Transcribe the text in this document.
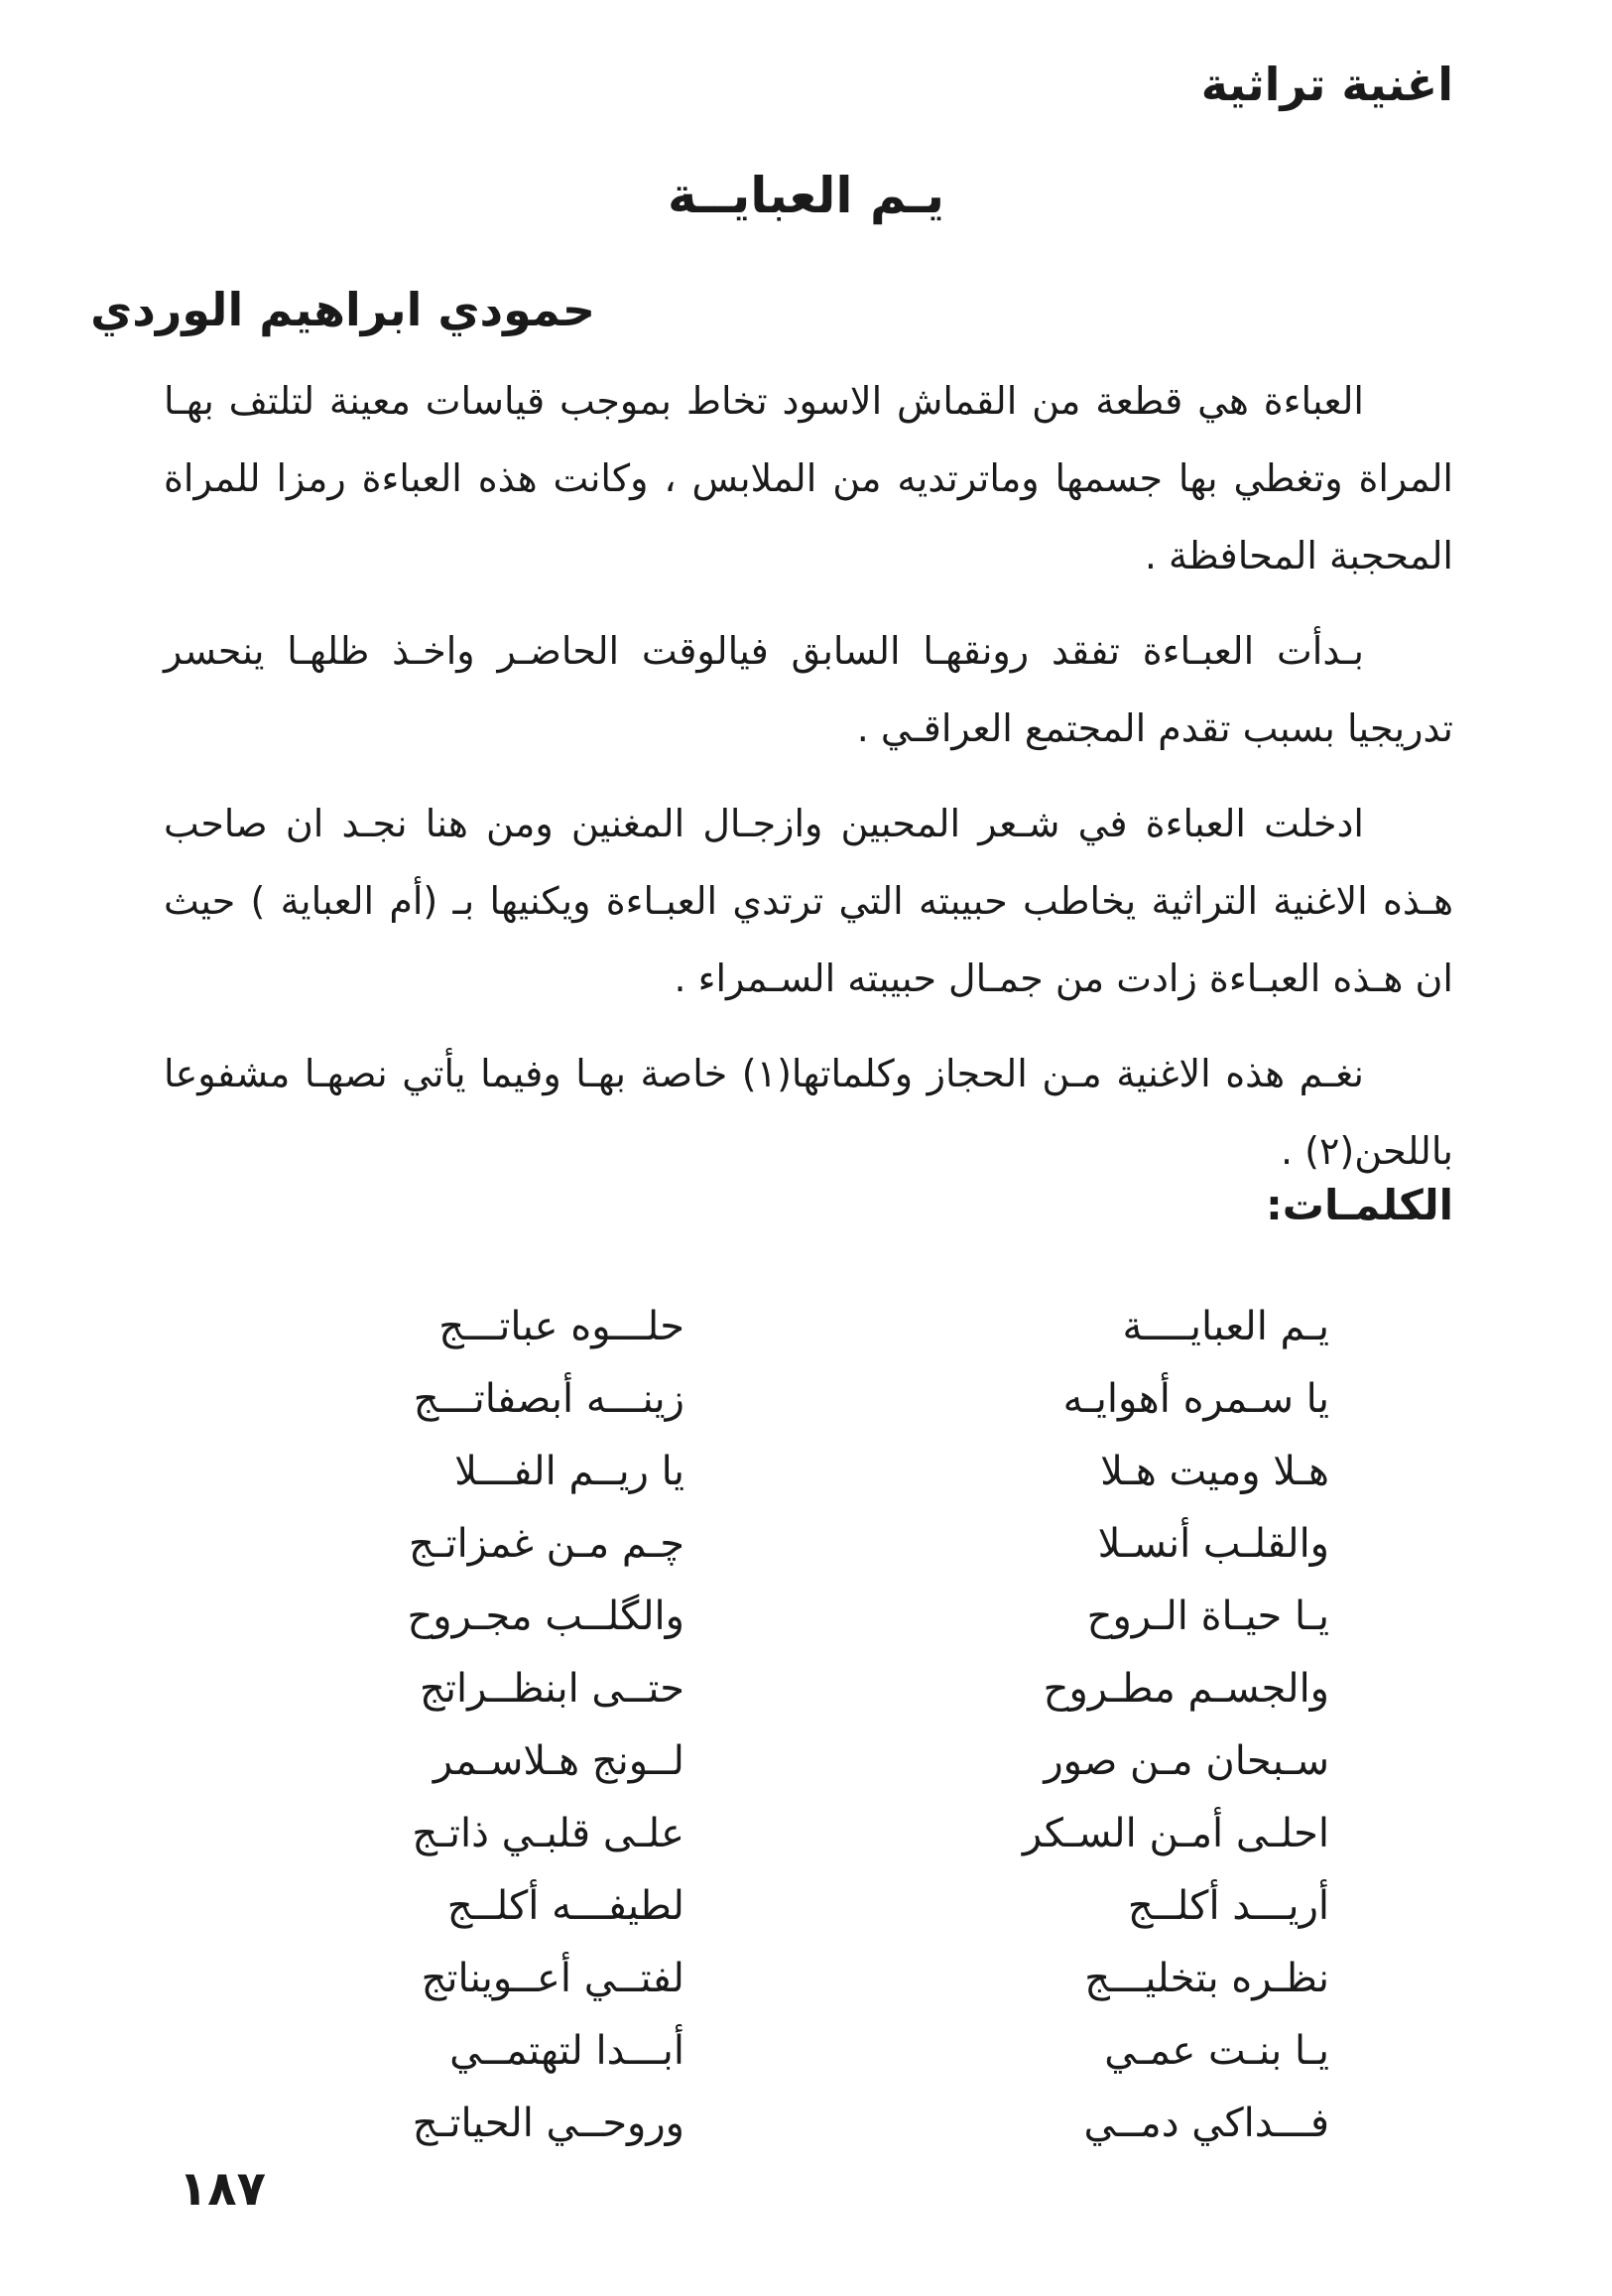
اغنية تراثية
يـم العبايــة
حمودي ابراهيم الوردي

العباءة هي قطعة من القماش الاسود تخاط بموجب قياسات معينة لتلتف بهـا المراة وتغطي بها جسمها وماترتديه من الملابس ، وكانت هذه العباءة رمزا للمراة المحجبة المحافظة .

بـدأت العبـاءة تفقد رونقهـا السابق فيالوقت الحاضـر واخـذ ظلهـا ينحسر تدريجيا بسبب تقدم المجتمع العراقـي .

ادخلت العباءة في شـعر المحبين وازجـال المغنين ومن هنا نجـد ان صاحب هـذه الاغنية التراثية يخاطب حبيبته التي ترتدي العبـاءة ويكنيها بـ (أم العباية ) حيث ان هـذه العبـاءة زادت من جمـال حبيبته السـمراء .

نغـم هذه الاغنية مـن الحجاز وكلماتها(١) خاصة بهـا وفيما يأتي نصهـا مشفوعا باللحن(٢) .

الكلمـات:
يـم العبايــــة
حلـــوه عباتـــج
يا سـمره أهوايـه
زينـــه أبصفاتـــج
هـلا وميت هـلا
يا ريــم الفـــلا
والقلـب أنسـلا
چـم مـن غمزاتـج
يـا حيـاة الـروح
والگلــب مجـروح
والجسـم مطـروح
حتــى ابنظــراتج
سـبحان مـن صور
لــونج هـلاسـمر
احلـى أمـن السـكر
علـى قلبـي ذاتـج
أريـــد أكلــج
لطيفـــه أكلــج
نظـره بتخليـــج
لفتــي أعــويناتج
يـا بنـت عمـي
أبـــدا لتهتمــي
فـــداكي دمــي
وروحــي الحياتـج
١٨٧
